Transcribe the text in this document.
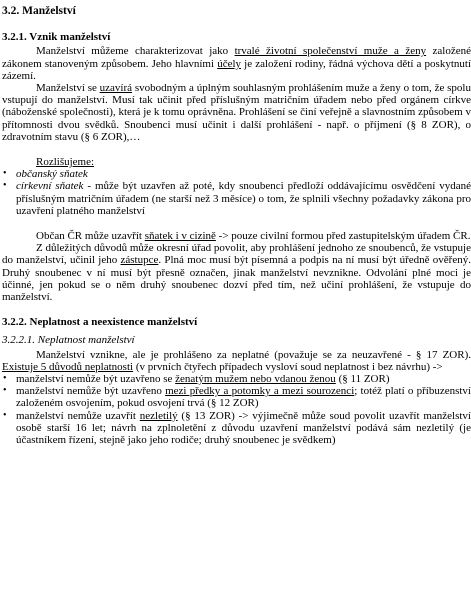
3.2. Manželství
3.2.1. Vznik manželství

Manželství můžeme charakterizovat jako trvalé životní společenství muže a ženy založené zákonem stanoveným způsobem. Jeho hlavními účely je založení rodiny, řádná výchova dětí a poskytnutí zázemí.

Manželství se uzavírá svobodným a úplným souhlasným prohlášením muže a ženy o tom, že spolu vstupují do manželství. Musí tak učinit před příslušným matričním úřadem nebo před orgánem církve (náboženské společnosti), která je k tomu oprávněna. Prohlášení se činí veřejně a slavnostním způsobem v přítomnosti dvou svědků. Snoubenci musí učinit i další prohlášení - např. o příjmení (§ 8 ZOR), o zdravotním stavu (§ 6 ZOR),…

Rozlišujeme:

• občanský sňatek
• církevní sňatek - může být uzavřen až poté, kdy snoubenci předloží oddávajícímu osvědčení vydané příslušným matričním úřadem (ne starší než 3 měsíce) o tom, že splnili všechny požadavky zákona pro uzavření platného manželství

Občan ČR může uzavřít sňatek i v cizině -> pouze civilní formou před zastupitelským úřadem ČR.

Z důležitých důvodů může okresní úřad povolit, aby prohlášení jednoho ze snoubenců, že vstupuje do manželství, učinil jeho zástupce. Plná moc musí být písemná a podpis na ní musí být úředně ověřený. Druhý snoubenec v ní musí být přesně označen, jinak manželství nevznikne. Odvolání plné moci je účinné, jen pokud se o něm druhý snoubenec dozví před tím, než učiní prohlášení, že vstupuje do manželství.

3.2.2. Neplatnost a neexistence manželství
3.2.2.1. Neplatnost manželství

Manželství vznikne, ale je prohlášeno za neplatné (považuje se za neuzavřené - § 17 ZOR). Existuje 5 důvodů neplatnosti (v prvních čtyřech případech vysloví soud neplatnost i bez návrhu) ->

• manželství nemůže být uzavřeno se ženatým mužem nebo vdanou ženou (§ 11 ZOR)
• manželství nemůže být uzavřeno mezi předky a potomky a mezi sourozenci; totéž platí o příbuzenství založeném osvojením, pokud osvojení trvá (§ 12 ZOR)
• manželství nemůže uzavřít nezletilý (§ 13 ZOR) -> výjimečně může soud povolit uzavřít manželství osobě starší 16 let; návrh na zplnoletění z důvodu uzavření manželství podává sám nezletilý (je účastníkem řízení, stejně jako jeho rodiče; druhý snoubenec je svědkem)
